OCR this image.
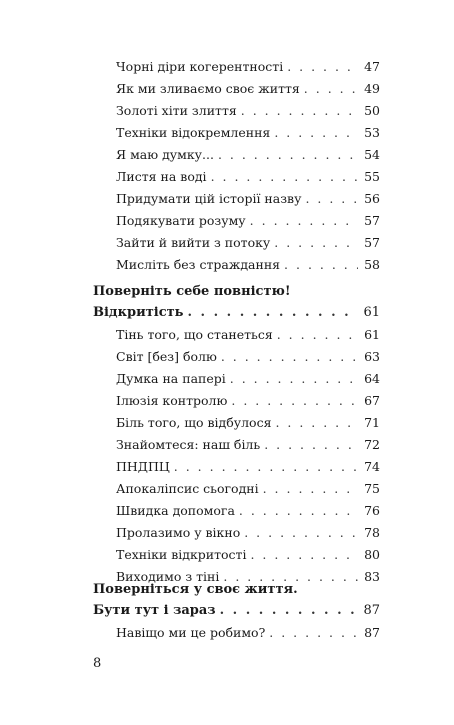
Чорні діри когерентності . . .	47
Як ми зливаємо своє життя . . .	49
Золоті хіти злиття . . .	50
Техніки відокремлення . . .	53
Я маю думку... . . .	54
Листя на воді . . .	55
Придумати цій історії назву . . .	56
Подякувати розуму . . .	57
Зайти й вийти з потоку . . .	57
Мисліть без страждання . . .	58
Поверніть себе повністю!
Відкритість . . .	61
Тінь того, що станеться . . .	61
Світ [без] болю . . .	63
Думка на папері . . .	64
Ілюзія контролю . . .	67
Біль того, що відбулося . . .	71
Знайомтеся: наш біль . . .	72
ПНДПЦ . . .	74
Апокаліпсис сьогодні . . .	75
Швидка допомога . . .	76
Пролазимо у вікно . . .	78
Техніки відкритості . . .	80
Виходимо з тіні . . .	83
Поверніться у своє життя.
Бути тут і зараз . . .	87
Навіщо ми це робимо? . . .	87
8
